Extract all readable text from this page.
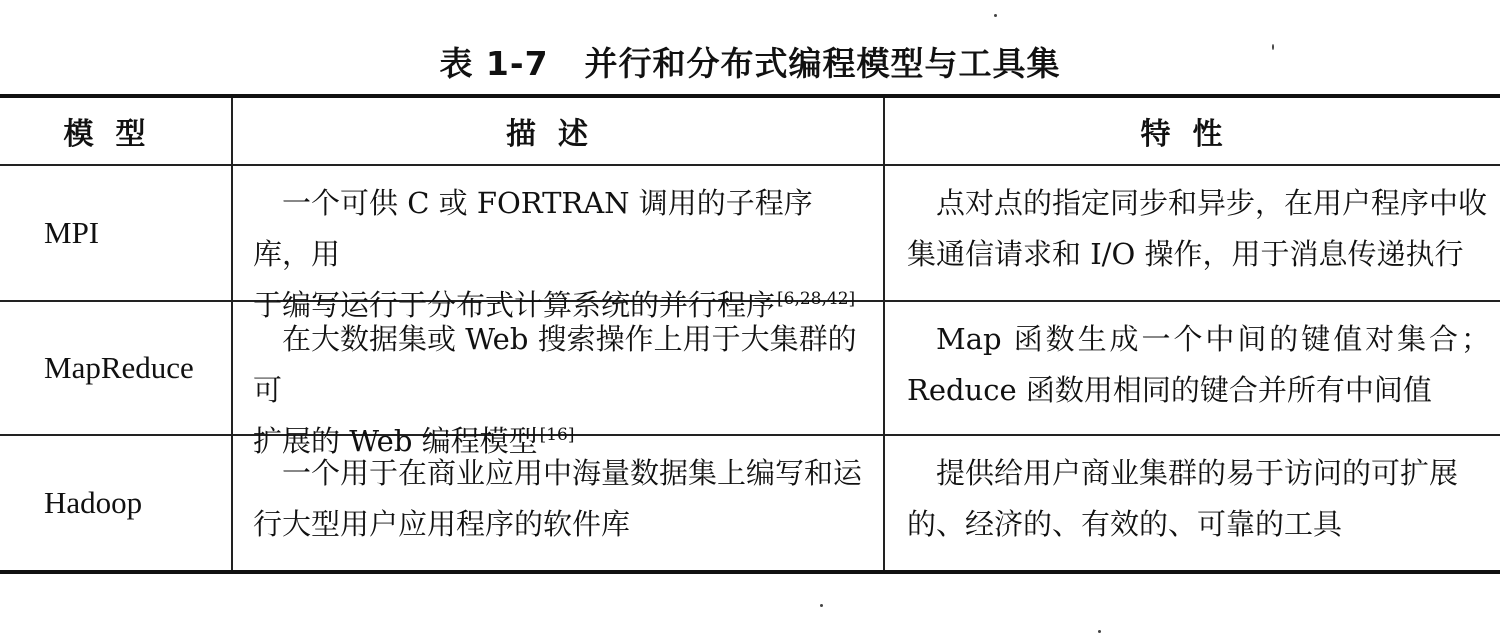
表 1-7 并行和分布式编程模型与工具集
模型	描述	特性
MPI
一个可供 C 或 FORTRAN 调用的子程序库，用
于编写运行于分布式计算系统的并行程序 [6,28,42]
点对点的指定同步和异步，在用户程序中收
集通信请求和 I/O 操作，用于消息传递执行
MapReduce
在大数据集或 Web 搜索操作上用于大集群的可
扩展的 Web 编程模型 [16]
Map 函数生成一个中间的键值对集合；
Reduce 函数用相同的键合并所有中间值
Hadoop
一个用于在商业应用中海量数据集上编写和运
行大型用户应用程序的软件库
提供给用户商业集群的易于访问的可扩展
的、经济的、有效的、可靠的工具
